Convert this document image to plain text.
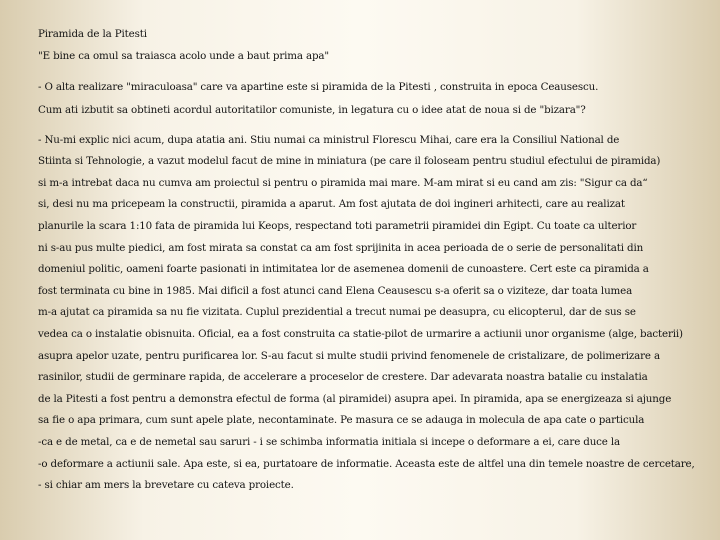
Piramida de la Pitesti
"E bine ca omul sa traiasca acolo unde a baut prima apa"
- O alta realizare "miraculoasa" care va apartine este si piramida de la Pitesti , construita in epoca Ceausescu.
Cum ati izbutit sa obtineti acordul autoritatilor comuniste, in legatura cu o idee atat de noua si de "bizara"?
- Nu-mi explic nici acum, dupa atatia ani. Stiu numai ca ministrul Florescu Mihai, care era la Consiliul National de
Stiinta si Tehnologie, a vazut modelul facut de mine in miniatura (pe care il foloseam pentru studiul efectului de piramida)
si m-a intrebat daca nu cumva am proiectul si pentru o piramida mai mare. M-am mirat si eu cand am zis: "Sigur ca da“
si, desi nu ma pricepeam la constructii, piramida a aparut. Am fost ajutata de doi ingineri arhitecti, care au realizat
planurile la scara 1:10 fata de piramida lui Keops, respectand toti parametrii piramidei din Egipt. Cu toate ca ulterior
ni s-au pus multe piedici, am fost mirata sa constat ca am fost sprijinita in acea perioada de o serie de personalitati din
domeniul politic, oameni foarte pasionati in intimitatea lor de asemenea domenii de cunoastere. Cert este ca piramida a
fost terminata cu bine in 1985. Mai dificil a fost atunci cand Elena Ceausescu s-a oferit sa o viziteze, dar toata lumea
m-a ajutat ca piramida sa nu fie vizitata. Cuplul prezidential a trecut numai pe deasupra, cu elicopterul, dar de sus se
vedea ca o instalatie obisnuita. Oficial, ea a fost construita ca statie-pilot de urmarire a actiunii unor organisme (alge, bacterii)
asupra apelor uzate, pentru purificarea lor. S-au facut si multe studii privind fenomenele de cristalizare, de polimerizare a
rasinilor, studii de germinare rapida, de accelerare a proceselor de crestere. Dar adevarata noastra batalie cu instalatia
de la Pitesti a fost pentru a demonstra efectul de forma (al piramidei) asupra apei. In piramida, apa se energizeaza si ajunge
sa fie o apa primara, cum sunt apele plate, necontaminate. Pe masura ce se adauga in molecula de apa cate o particula
-ca e de metal, ca e de nemetal sau saruri - i se schimba informatia initiala si incepe o deformare a ei, care duce la
-o deformare a actiunii sale. Apa este, si ea, purtatoare de informatie. Aceasta este de altfel una din temele noastre de cercetare,
- si chiar am mers la brevetare cu cateva proiecte.
